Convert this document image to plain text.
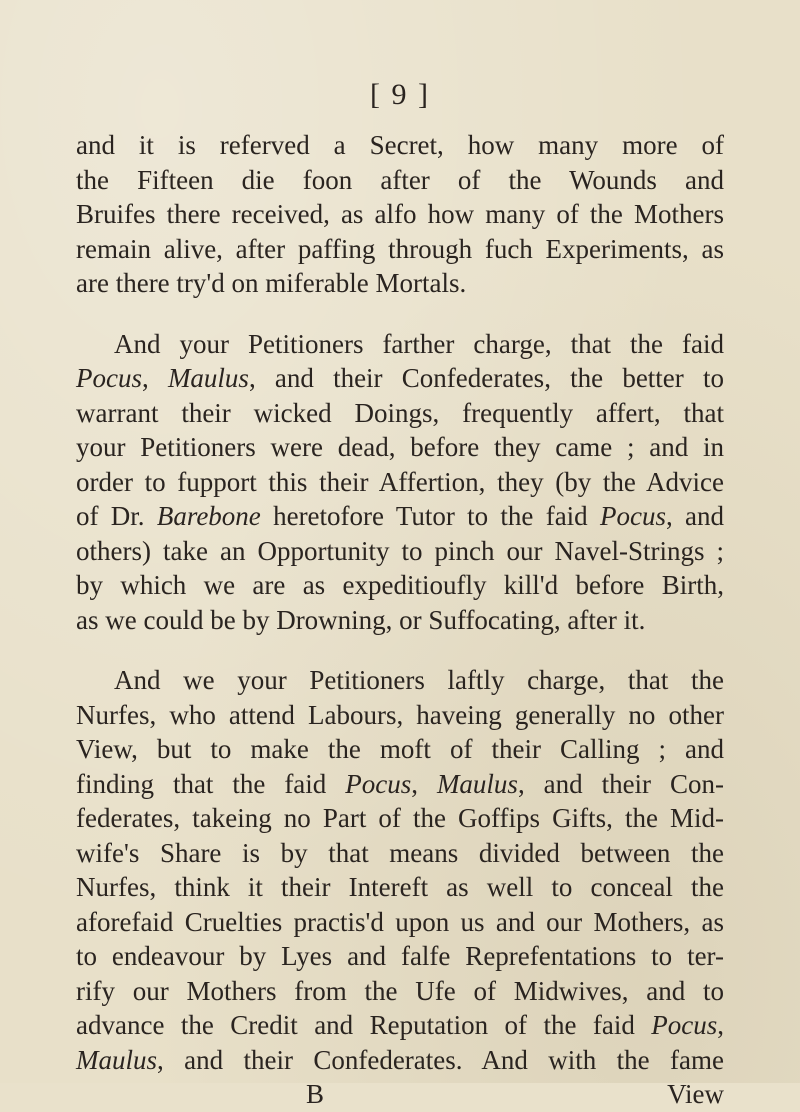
[ 9 ]
and it is referved a Secret, how many more of
the Fifteen die foon after of the Wounds and
Bruifes there received, as alfo how many of the Mothers
remain alive, after paffing through fuch Experiments, as
are there try'd on miferable Mortals.
And your Petitioners farther charge, that the faid
Pocus, Maulus, and their Confederates, the better to
warrant their wicked Doings, frequently affert, that
your Petitioners were dead, before they came ; and in
order to fupport this their Affertion, they (by the Advice
of Dr. Barebone heretofore Tutor to the faid Pocus, and
others) take an Opportunity to pinch our Navel-Strings ;
by which we are as expeditioufly kill'd before Birth,
as we could be by Drowning, or Suffocating, after it.
And we your Petitioners laftly charge, that the
Nurfes, who attend Labours, haveing generally no other
View, but to make the moft of their Calling ; and
finding that the faid Pocus, Maulus, and their Con-
federates, takeing no Part of the Goffips Gifts, the Mid-
wife's Share is by that means divided between the
Nurfes, think it their Intereft as well to conceal the
aforefaid Cruelties practis'd upon us and our Mothers, as
to endeavour by Lyes and falfe Reprefentations to ter-
rify our Mothers from the Ufe of Midwives, and to
advance the Credit and Reputation of the faid Pocus,
Maulus, and their Confederates. And with the fame
B	View
